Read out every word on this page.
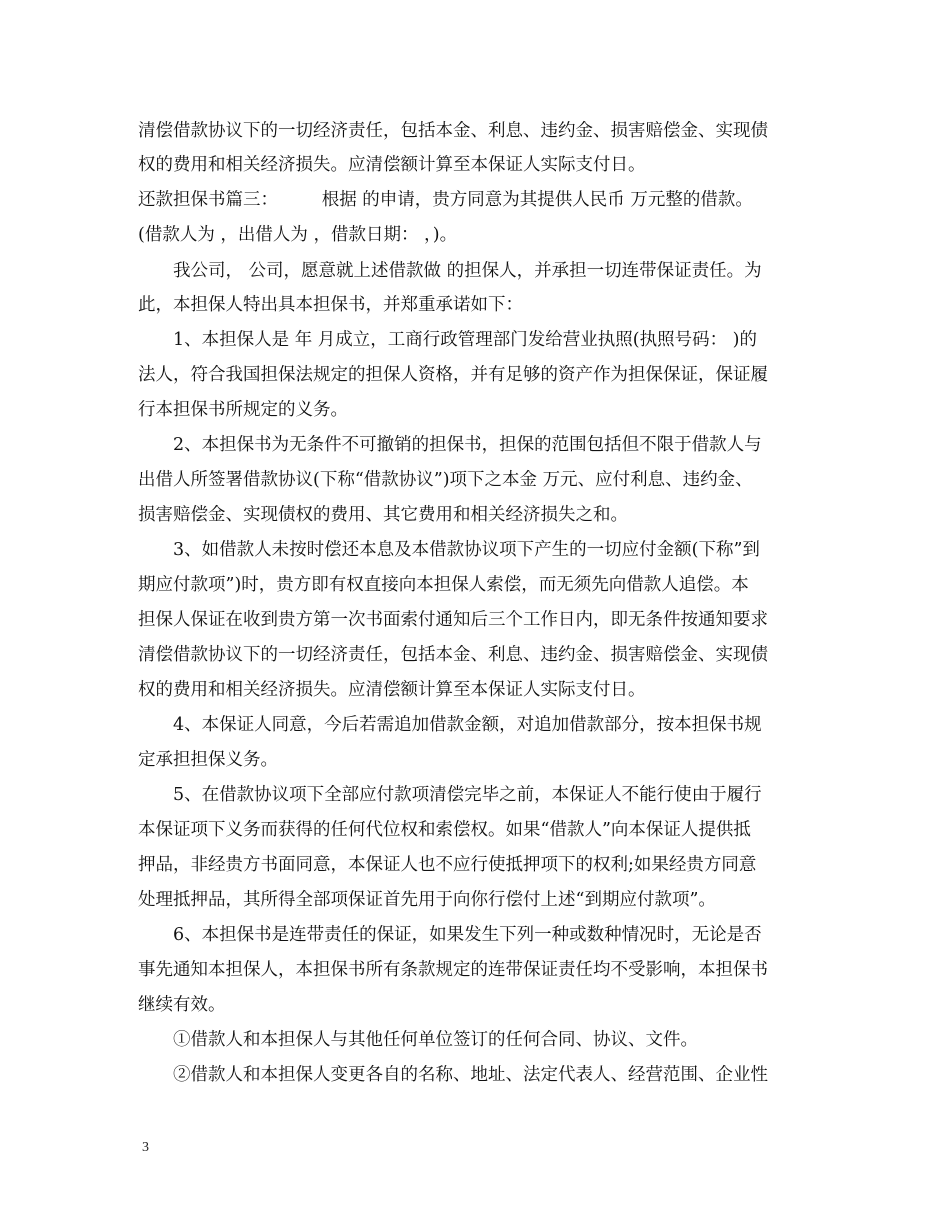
清偿借款协议下的一切经济责任，包括本金、利息、违约金、损害赔偿金、实现债
权的费用和相关经济损失。应清偿额计算至本保证人实际支付日。
还款担保书篇三：　　　根据 的申请，贵方同意为其提供人民币 万元整的借款。
(借款人为 ，出借人为 ，借款日期： ，)。
　　我公司， 公司，愿意就上述借款做 的担保人，并承担一切连带保证责任。为
此，本担保人特出具本担保书，并郑重承诺如下：
　　1、本担保人是 年 月成立，工商行政管理部门发给营业执照(执照号码： )的
法人，符合我国担保法规定的担保人资格，并有足够的资产作为担保保证，保证履
行本担保书所规定的义务。
　　2、本担保书为无条件不可撤销的担保书，担保的范围包括但不限于借款人与
出借人所签署借款协议(下称“借款协议”)项下之本金 万元、应付利息、违约金、
损害赔偿金、实现债权的费用、其它费用和相关经济损失之和。
　　3、如借款人未按时偿还本息及本借款协议项下产生的一切应付金额(下称”到
期应付款项”)时，贵方即有权直接向本担保人索偿，而无须先向借款人追偿。本
担保人保证在收到贵方第一次书面索付通知后三个工作日内，即无条件按通知要求
清偿借款协议下的一切经济责任，包括本金、利息、违约金、损害赔偿金、实现债
权的费用和相关经济损失。应清偿额计算至本保证人实际支付日。
　　4、本保证人同意，今后若需追加借款金额，对追加借款部分，按本担保书规
定承担担保义务。
　　5、在借款协议项下全部应付款项清偿完毕之前，本保证人不能行使由于履行
本保证项下义务而获得的任何代位权和索偿权。如果“借款人”向本保证人提供抵
押品，非经贵方书面同意，本保证人也不应行使抵押项下的权利;如果经贵方同意
处理抵押品，其所得全部项保证首先用于向你行偿付上述“到期应付款项”。
　　6、本担保书是连带责任的保证，如果发生下列一种或数种情况时，无论是否
事先通知本担保人，本担保书所有条款规定的连带保证责任均不受影响，本担保书
继续有效。
　　①借款人和本担保人与其他任何单位签订的任何合同、协议、文件。
　　②借款人和本担保人变更各自的名称、地址、法定代表人、经营范围、企业性
3
